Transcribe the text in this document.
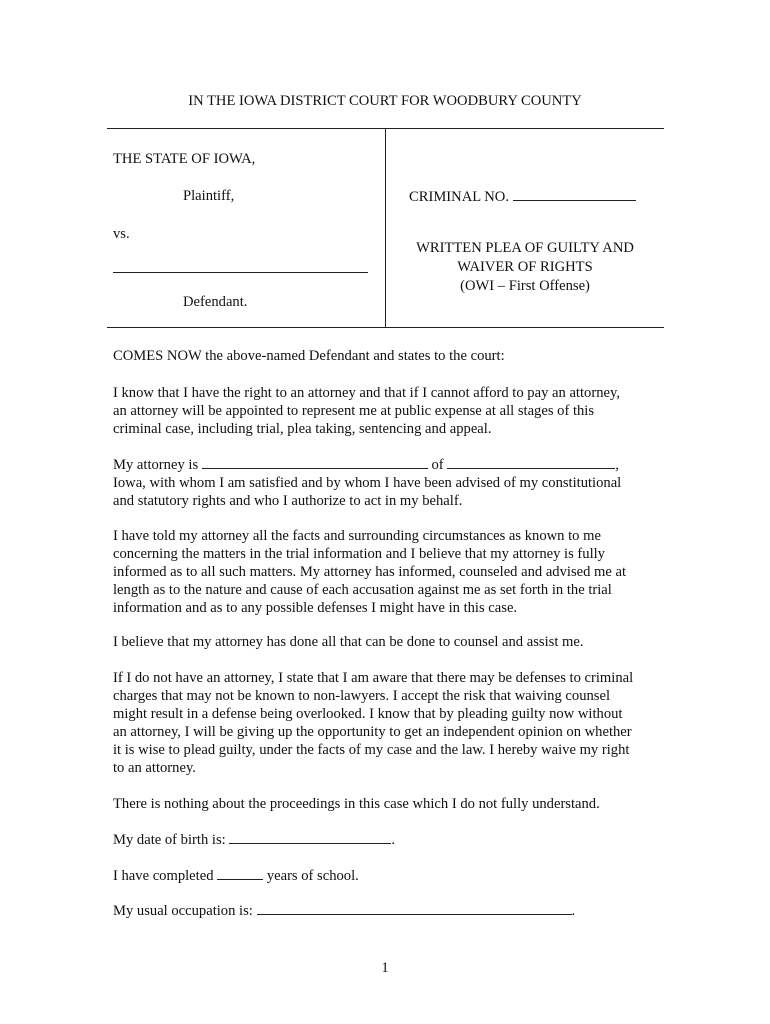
IN THE IOWA DISTRICT COURT FOR WOODBURY COUNTY
THE STATE OF IOWA,
Plaintiff,
vs.
Defendant.
CRIMINAL NO.
WRITTEN PLEA OF GUILTY AND
WAIVER OF RIGHTS
(OWI – First Offense)
COMES NOW the above-named Defendant and states to the court:
I know that I have the right to an attorney and that if I cannot afford to pay an attorney,
an attorney will be appointed to represent me at public expense at all stages of this
criminal case, including trial, plea taking, sentencing and appeal.
My attorney is	of	,
Iowa, with whom I am satisfied and by whom I have been advised of my constitutional
and statutory rights and who I authorize to act in my behalf.
I have told my attorney all the facts and surrounding circumstances as known to me
concerning the matters in the trial information and I believe that my attorney is fully
informed as to all such matters. My attorney has informed, counseled and advised me at
length as to the nature and cause of each accusation against me as set forth in the trial
information and as to any possible defenses I might have in this case.
I believe that my attorney has done all that can be done to counsel and assist me.
If I do not have an attorney, I state that I am aware that there may be defenses to criminal
charges that may not be known to non-lawyers. I accept the risk that waiving counsel
might result in a defense being overlooked. I know that by pleading guilty now without
an attorney, I will be giving up the opportunity to get an independent opinion on whether
it is wise to plead guilty, under the facts of my case and the law. I hereby waive my right
to an attorney.
There is nothing about the proceedings in this case which I do not fully understand.
My date of birth is:	.
I have completed	years of school.
My usual occupation is:	.
1
